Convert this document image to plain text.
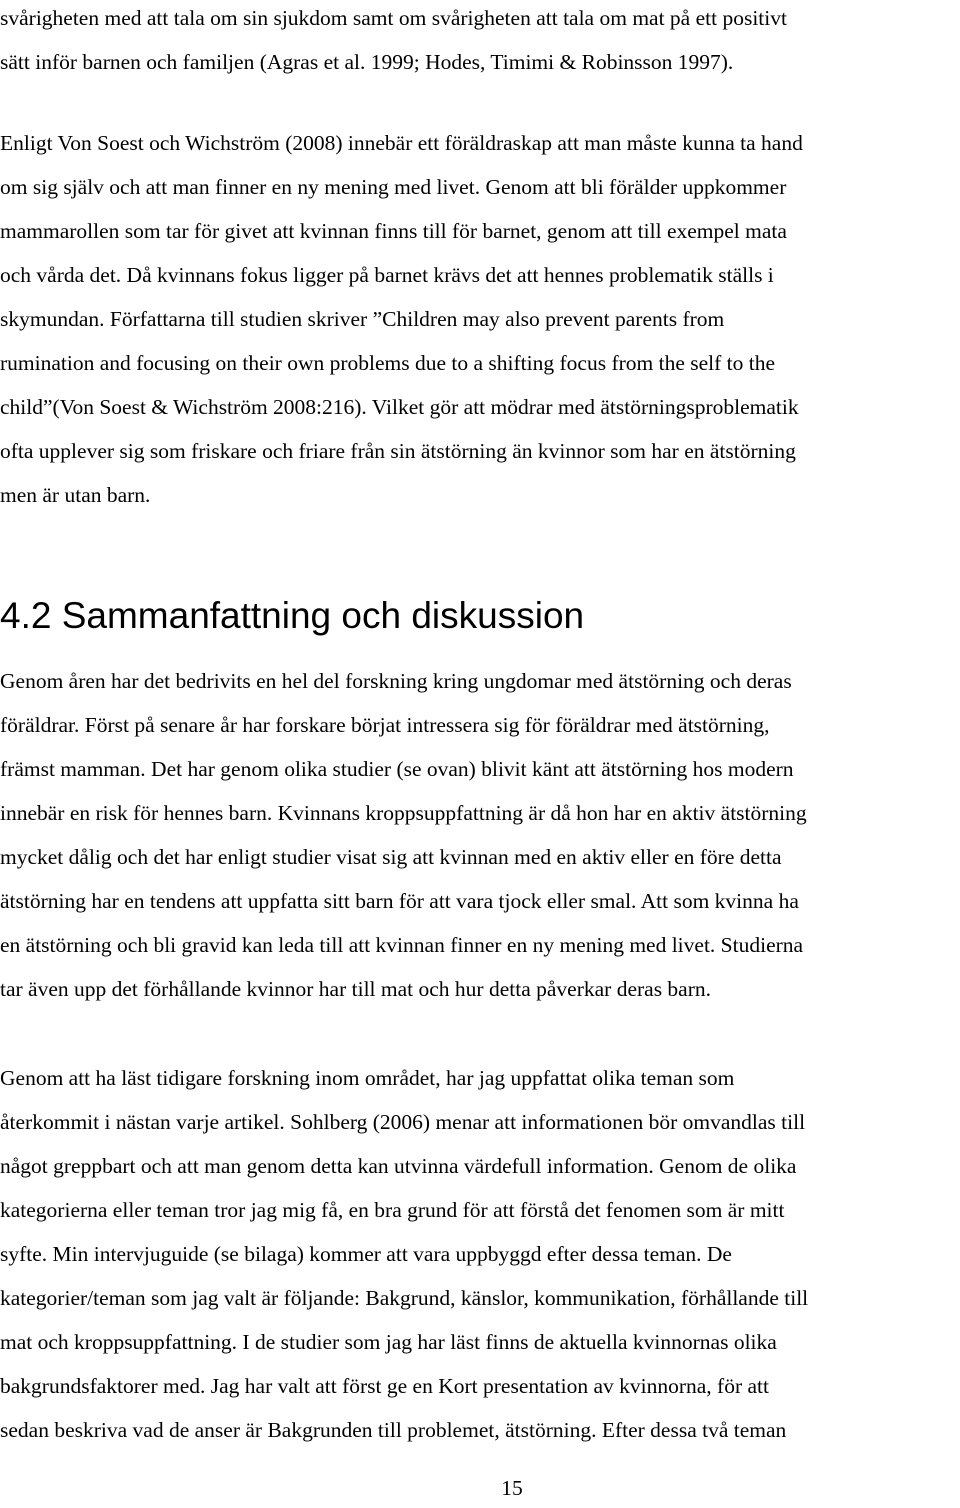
svårigheten med att tala om sin sjukdom samt om svårigheten att tala om mat på ett positivt
sätt inför barnen och familjen (Agras et al. 1999; Hodes, Timimi & Robinsson 1997).

Enligt Von Soest och Wichström (2008) innebär ett föräldraskap att man måste kunna ta hand
om sig själv och att man finner en ny mening med livet. Genom att bli förälder uppkommer
mammarollen som tar för givet att kvinnan finns till för barnet, genom att till exempel mata
och vårda det. Då kvinnans fokus ligger på barnet krävs det att hennes problematik ställs i
skymundan. Författarna till studien skriver ”Children may also prevent parents from
rumination and focusing on their own problems due to a shifting focus from the self to the
child”(Von Soest & Wichström 2008:216). Vilket gör att mödrar med ätstörningsproblematik
ofta upplever sig som friskare och friare från sin ätstörning än kvinnor som har en ätstörning
men är utan barn.

4.2 Sammanfattning och diskussion

Genom åren har det bedrivits en hel del forskning kring ungdomar med ätstörning och deras
föräldrar. Först på senare år har forskare börjat intressera sig för föräldrar med ätstörning,
främst mamman. Det har genom olika studier (se ovan) blivit känt att ätstörning hos modern
innebär en risk för hennes barn. Kvinnans kroppsuppfattning är då hon har en aktiv ätstörning
mycket dålig och det har enligt studier visat sig att kvinnan med en aktiv eller en före detta
ätstörning har en tendens att uppfatta sitt barn för att vara tjock eller smal. Att som kvinna ha
en ätstörning och bli gravid kan leda till att kvinnan finner en ny mening med livet. Studierna
tar även upp det förhållande kvinnor har till mat och hur detta påverkar deras barn.

Genom att ha läst tidigare forskning inom området, har jag uppfattat olika teman som
återkommit i nästan varje artikel. Sohlberg (2006) menar att informationen bör omvandlas till
något greppbart och att man genom detta kan utvinna värdefull information. Genom de olika
kategorierna eller teman tror jag mig få, en bra grund för att förstå det fenomen som är mitt
syfte. Min intervjuguide (se bilaga) kommer att vara uppbyggd efter dessa teman. De
kategorier/teman som jag valt är följande: Bakgrund, känslor, kommunikation, förhållande till
mat och kroppsuppfattning. I de studier som jag har läst finns de aktuella kvinnornas olika
bakgrundsfaktorer med. Jag har valt att först ge en Kort presentation av kvinnorna, för att
sedan beskriva vad de anser är Bakgrunden till problemet, ätstörning. Efter dessa två teman

15
